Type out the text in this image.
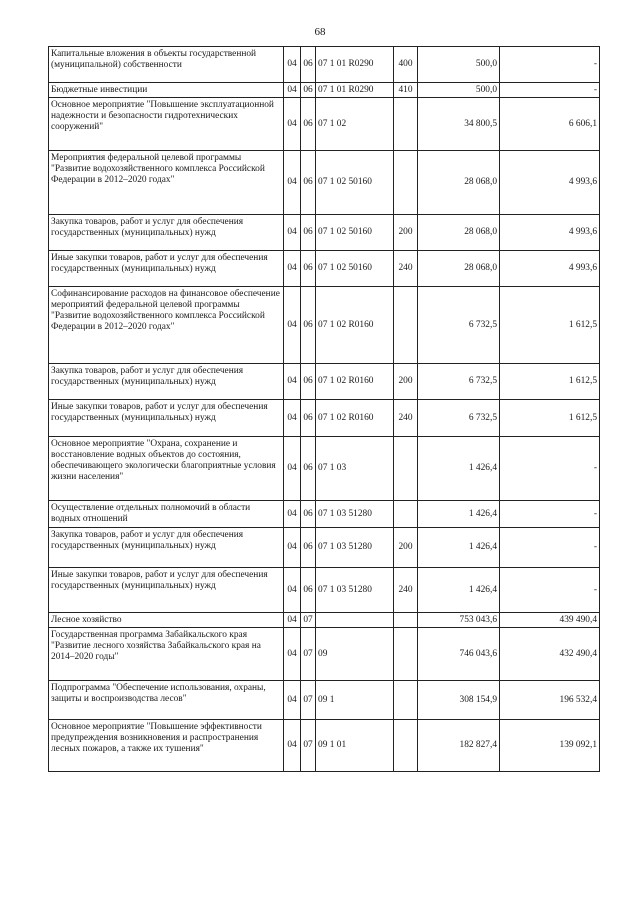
68
Капитальные вложения в объекты государственной (муниципальной) собственности	04	06	07 1 01 R0290	400	500,0	-
Бюджетные инвестиции	04	06	07 1 01 R0290	410	500,0	-
Основное мероприятие "Повышение эксплуатационной надежности и безопасности гидротехнических сооружений"	04	06	07 1 02		34 800,5	6 606,1
Мероприятия федеральной целевой программы "Развитие водохозяйственного комплекса Российской Федерации в 2012–2020 годах"	04	06	07 1 02 50160		28 068,0	4 993,6
Закупка товаров, работ и услуг для обеспечения государственных (муниципальных) нужд	04	06	07 1 02 50160	200	28 068,0	4 993,6
Иные закупки товаров, работ и услуг для обеспечения государственных (муниципальных) нужд	04	06	07 1 02 50160	240	28 068,0	4 993,6
Софинансирование расходов на финансовое обеспечение мероприятий федеральной целевой программы "Развитие водохозяйственного комплекса Российской Федерации в 2012–2020 годах"	04	06	07 1 02 R0160		6 732,5	1 612,5
Закупка товаров, работ и услуг для обеспечения государственных (муниципальных) нужд	04	06	07 1 02 R0160	200	6 732,5	1 612,5
Иные закупки товаров, работ и услуг для обеспечения государственных (муниципальных) нужд	04	06	07 1 02 R0160	240	6 732,5	1 612,5
Основное мероприятие "Охрана, сохранение и восстановление водных объектов до состояния, обеспечивающего экологически благоприятные условия жизни населения"	04	06	07 1 03		1 426,4	-
Осуществление отдельных полномочий в области водных отношений	04	06	07 1 03 51280		1 426,4	-
Закупка товаров, работ и услуг для обеспечения государственных (муниципальных) нужд	04	06	07 1 03 51280	200	1 426,4	-
Иные закупки товаров, работ и услуг для обеспечения государственных (муниципальных) нужд	04	06	07 1 03 51280	240	1 426,4	-
Лесное хозяйство	04	07			753 043,6	439 490,4
Государственная программа Забайкальского края "Развитие лесного хозяйства Забайкальского края на 2014–2020 годы"	04	07	09		746 043,6	432 490,4
Подпрограмма "Обеспечение использования, охраны, защиты и воспроизводства лесов"	04	07	09 1		308 154,9	196 532,4
Основное мероприятие "Повышение эффективности предупреждения возникновения и распространения лесных пожаров, а также их тушения"	04	07	09 1 01		182 827,4	139 092,1
